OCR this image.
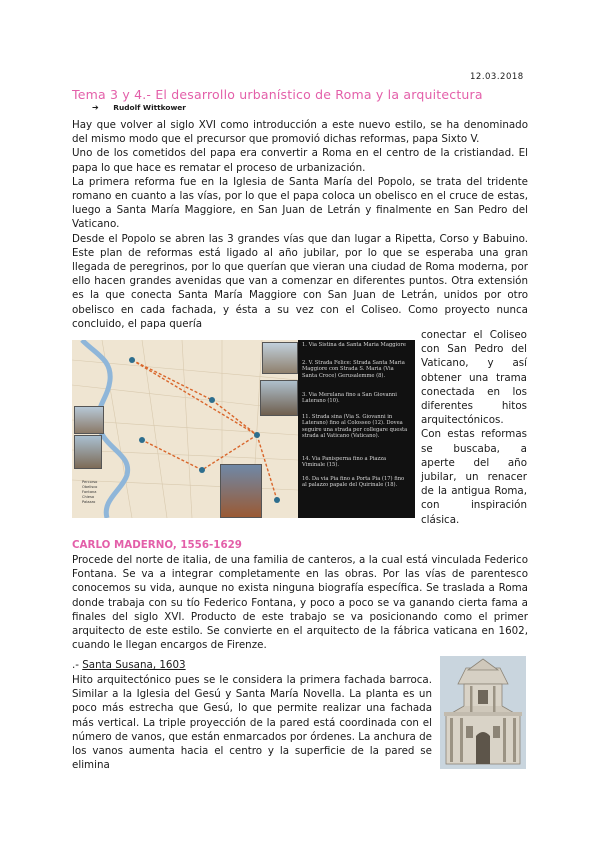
12.03.2018
Tema 3 y 4.- El desarrollo urbanístico de Roma y la arquitectura
➔ Rudolf Wittkower

Hay que volver al siglo XVI como introducción a este nuevo estilo, se ha denominado del mismo modo que el precursor que promovió dichas reformas, papa Sixto V.

Uno de los cometidos del papa era convertir a Roma en el centro de la cristiandad. El papa lo que hace es rematar el proceso de urbanización.

La primera reforma fue en la Iglesia de Santa María del Popolo, se trata del tridente romano en cuanto a las vías, por lo que el papa coloca un obelisco en el cruce de estas, luego a Santa María Maggiore, en San Juan de Letrán y finalmente en San Pedro del Vaticano.

Desde el Popolo se abren las 3 grandes vías que dan lugar a Ripetta, Corso y Babuino. Este plan de reformas está ligado al año jubilar, por lo que se esperaba una gran llegada de peregrinos, por lo que querían que vieran una ciudad de Roma moderna, por ello hacen grandes avenidas que van a comenzar en diferentes puntos. Otra extensión es la que conecta Santa María Maggiore con San Juan de Letrán, unidos por otro obelisco en cada fachada, y ésta a su vez con el Coliseo. Como proyecto nunca concluido, el papa quería

Percorso
Obelisco
Fontana
Chiesa
Palazzo
1. Via Sistina da Santa Maria Maggiore
2. V. Strada Felice: Strada Santa Maria Maggiore con Strada S. Maria (Via Santa Croce) Gerusalemme (8).
3. Via Merulana fino a San Giovanni Laterano (10).
11. Strada sina (Via S. Giovanni in Laterano) fino al Colosseo (12). Dovea seguire una strada per collegare questa strada al Vaticano (Vaticano).
14. Via Panisperna fino a Piazza Viminale (15).
16. Da via Pia fino a Porta Pia (17) fino al palazzo papale del Quirinale (18).

conectar el Coliseo con San Pedro del Vaticano, y así obtener una trama conectada en los diferentes hitos arquitectónicos.

Con estas reformas se buscaba, a aperte del año jubilar, un renacer de la antigua Roma, con inspiración clásica.

CARLO MADERNO, 1556-1629

Procede del norte de italia, de una familia de canteros, a la cual está vinculada Federico Fontana. Se va a integrar completamente en las obras. Por las vías de parentesco conocemos su vida, aunque no exista ninguna biografía específica. Se traslada a Roma donde trabaja con su tío Federico Fontana, y poco a poco se va ganando cierta fama a finales del siglo XVI. Producto de este trabajo se va posicionando como el primer arquitecto de este estilo. Se convierte en el arquitecto de la fábrica vaticana en 1602, cuando le llegan encargos de Firenze.

.- Santa Susana, 1603

Hito arquitectónico pues se le considera la primera fachada barroca. Similar a la Iglesia del Gesú y Santa María Novella. La planta es un poco más estrecha que Gesú, lo que permite realizar una fachada más vertical. La triple proyección de la pared está coordinada con el número de vanos, que están enmarcados por órdenes. La anchura de los vanos aumenta hacia el centro y la superficie de la pared se elimina
